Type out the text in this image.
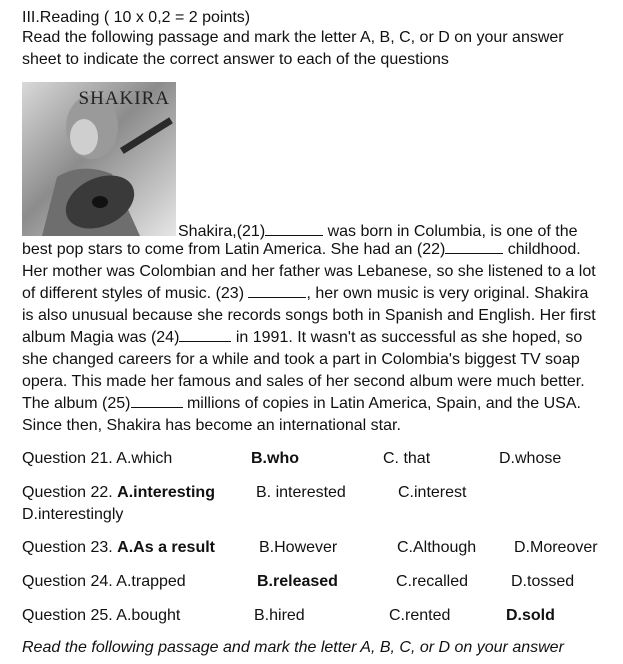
III.Reading ( 10 x 0,2 = 2 points)
Read the following passage and mark the letter A, B, C, or D on your answer
sheet to indicate the correct answer to each of the questions
SHAKIRA
Shakira,(21)	was born in Columbia, is one of the
best pop stars to come from Latin America. She had an (22)	childhood.
Her mother was Colombian and her father was Lebanese, so she listened to a lot
of different styles of music. (23)	, her own music is very original. Shakira
is also unusual because she records songs both in Spanish and English. Her first
album Magia was (24)	in 1991. It wasn't as successful as she hoped, so
she changed careers for a while and took a part in Colombia's biggest TV soap
opera. This made her famous and sales of her second album were much better.
The album (25)	millions of copies in Latin America, Spain, and the USA.
Since then, Shakira has become an international star.
Question 21. A.which	B.who	C. that	D.whose
Question 22. A.interesting	B. interested	C.interest
D.interestingly
Question 23. A.As a result	B.However	C.Although D.Moreover
Question 24. A.trapped	B.released	C.recalled	D.tossed
Question 25. A.bought	B.hired	C.rented	D.sold
Read the following passage and mark the letter A, B, C, or D on your answer
